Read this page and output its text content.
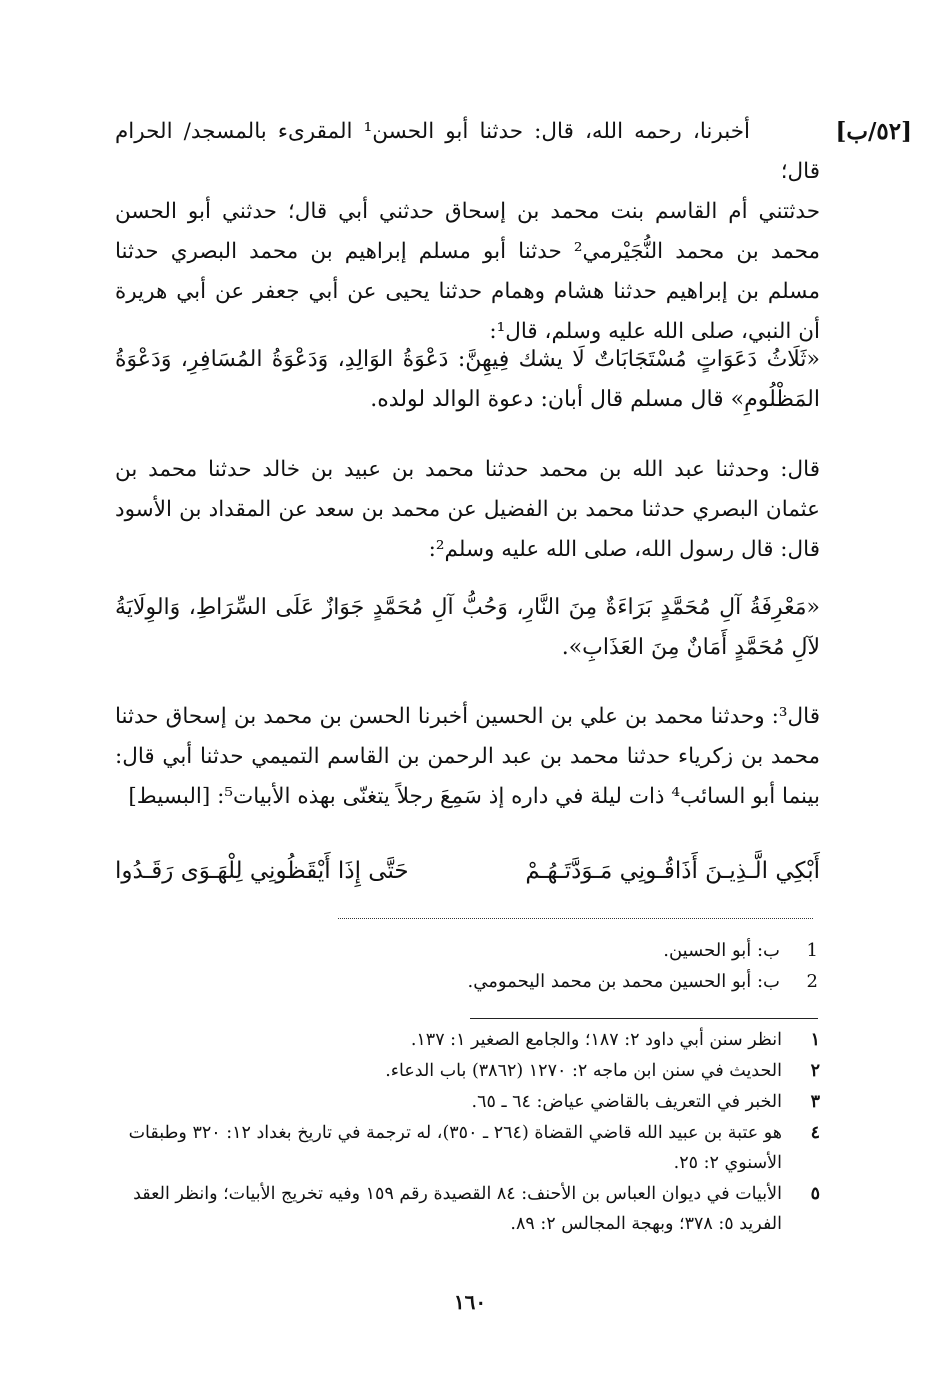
[٥٢/ب]

أخبرنا، رحمه الله، قال: حدثنا أبو الحسن¹ المقرىء بالمسجد/ الحرام قال؛

حدثتني أم القاسم بنت محمد بن إسحاق حدثني أبي قال؛ حدثني أبو الحسن محمد بن محمد النُّجَيْرمي² حدثنا أبو مسلم إبراهيم بن محمد البصري حدثنا مسلم بن إبراهيم حدثنا هشام وهمام حدثنا يحيى عن أبي جعفر عن أبي هريرة أن النبي، صلى الله عليه وسلم، قال¹:

«ثَلَاثُ دَعَوَاتٍ مُسْتَجَابَاتٌ لَا يشك فِيهِنَّ: دَعْوَةُ الوَالِدِ، وَدَعْوَةُ المُسَافِرِ، وَدَعْوَةُ المَظْلُومِ» قال مسلم قال أبان: دعوة الوالد لولده.
قال: وحدثنا عبد الله بن محمد حدثنا محمد بن عبيد بن خالد حدثنا محمد بن عثمان البصري حدثنا محمد بن الفضيل عن محمد بن سعد عن المقداد بن الأسود قال: قال رسول الله، صلى الله عليه وسلم²:
«مَعْرِفَةُ آلِ مُحَمَّدٍ بَرَاءَةٌ مِنَ النَّارِ، وَحُبُّ آلِ مُحَمَّدٍ جَوَازٌ عَلَى السِّرَاطِ، وَالوِلَايَةُ لآلِ مُحَمَّدٍ أَمَانٌ مِنَ العَذَابِ».
قال³: وحدثنا محمد بن علي بن الحسين أخبرنا الحسن بن محمد بن إسحاق حدثنا محمد بن زكرياء حدثنا محمد بن عبد الرحمن بن القاسم التميمي حدثنا أبي قال: بينما أبو السائب⁴ ذات ليلة في داره إذ سَمِعَ رجلاً يتغنّى بهذه الأبيات⁵: [البسيط]
أَبْكِي الَّـذِيـنَ أَذَاقُـونِي مَـوَدَّتَـهُـمْ
حَتَّى إِذَا أَيْقَظُونِي لِلْهَـوَى رَقَـدُوا
1
ب: أبو الحسين.
2
ب: أبو الحسين محمد بن محمد اليحمومي.
١
انظر سنن أبي داود ٢: ١٨٧؛ والجامع الصغير ١: ١٣٧.
٢
الحديث في سنن ابن ماجه ٢: ١٢٧٠ (٣٨٦٢) باب الدعاء.
٣
الخبر في التعريف بالقاضي عياض: ٦٤ ـ ٦٥.
٤
هو عتبة بن عبيد الله قاضي القضاة (٢٦٤ ـ ٣٥٠)، له ترجمة في تاريخ بغداد ١٢: ٣٢٠ وطبقات الأسنوي ٢: ٢٥.
٥
الأبيات في ديوان العباس بن الأحنف: ٨٤ القصيدة رقم ١٥٩ وفيه تخريج الأبيات؛ وانظر العقد الفريد ٥: ٣٧٨؛ وبهجة المجالس ٢: ٨٩.
١٦٠
